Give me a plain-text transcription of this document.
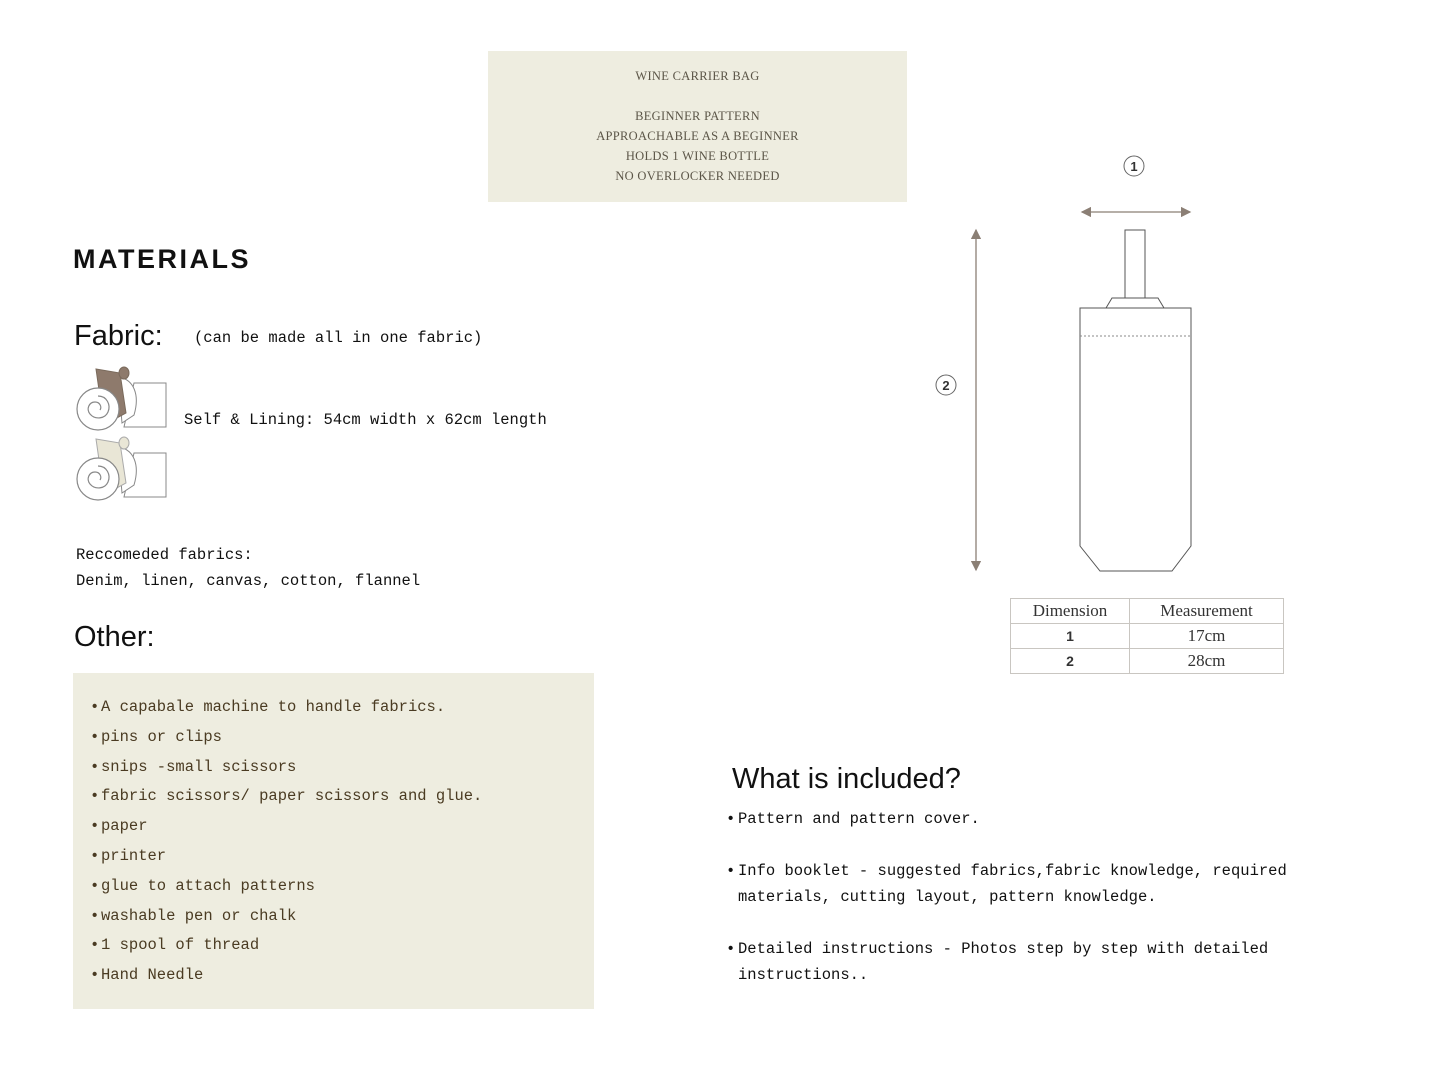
WINE CARRIER BAG
BEGINNER PATTERN
APPROACHABLE AS A BEGINNER
HOLDS 1 WINE BOTTLE
NO OVERLOCKER NEEDED
MATERIALS
Fabric: (can be made all in one fabric)
Self & Lining: 54cm width x 62cm length
Reccomeded fabrics:
Denim, linen, canvas, cotton, flannel
Other:
• A capabale machine to handle fabrics.
• pins or clips
• snips -small scissors
• fabric scissors/ paper scissors and glue.
• paper
• printer
• glue to attach patterns
• washable pen or chalk
• 1 spool of thread
• Hand Needle
1
2
Dimension	Measurement
1	17cm
2	28cm
What is included?
• Pattern and pattern cover.
• Info booklet - suggested fabrics,fabric knowledge, required materials, cutting layout, pattern knowledge.
• Detailed instructions - Photos step by step with detailed instructions..
